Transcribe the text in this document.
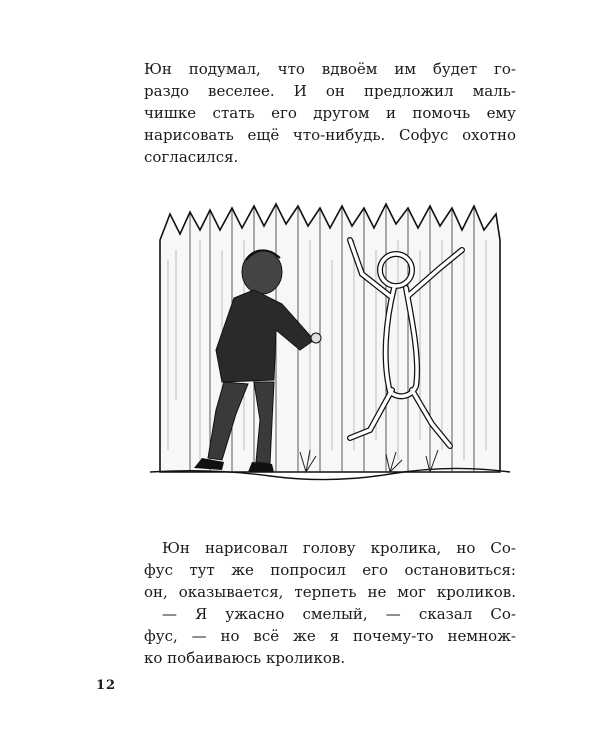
Юн подумал, что вдвоём им будет го-
раздо веселее. И он предложил маль-
чишке стать его другом и помочь ему
нарисовать ещё что-нибудь. Софус охотно
согласился.
Юн нарисовал голову кролика, но Со-
фус тут же попросил его остановиться:
он, оказывается, терпеть не мог кроликов.
— Я ужасно смелый, — сказал Со-
фус, — но всё же я почему-то немнож-
ко побаиваюсь кроликов.
12
